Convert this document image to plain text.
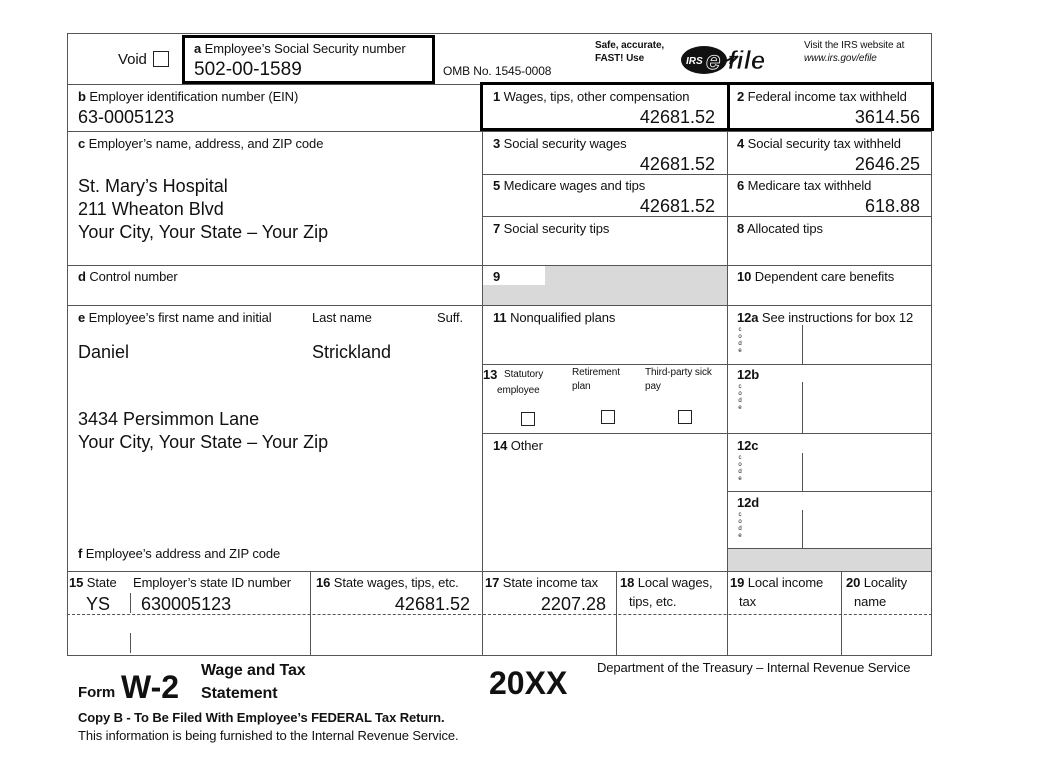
Void
a Employee’s Social Security number
502-00-1589	OMB No. 1545-0008
Safe, accurate,
FAST! Use	IRS e file	Visit the IRS website at
www.irs.gov/efile
b Employer identification number (EIN)
63-0005123
c Employer’s name, address, and ZIP code
St. Mary’s Hospital
211 Wheaton Blvd
Your City, Your State – Your Zip
d Control number
e Employee’s first name and initial	Last name	Suff.
Daniel	Strickland
3434 Persimmon Lane
Your City, Your State – Your Zip
f Employee’s address and ZIP code
1 Wages, tips, other compensation
42681.52
3 Social security wages
42681.52
5 Medicare wages and tips
42681.52
7 Social security tips
9
11 Nonqualified plans
13 Statutory
employee
Retirement
plan
Third-party sick
pay
14 Other
2 Federal income tax withheld
3614.56
4 Social security tax withheld
2646.25
6 Medicare tax withheld
618.88
8 Allocated tips
10 Dependent care benefits
12a See instructions for box 12
c
o
d
e
12b
c
o
d
e
12c
c
o
d
e
12d
c
o
d
e
15 State Employer’s state ID number
YS 630005123
16 State wages, tips, etc.
42681.52
17 State income tax
2207.28
18 Local wages,
tips, etc.
19 Local income
tax
20 Locality
name
Form W-2 Wage and Tax
Statement	20XX Department of the Treasury – Internal Revenue Service
Copy B - To Be Filed With Employee’s FEDERAL Tax Return.
This information is being furnished to the Internal Revenue Service.
